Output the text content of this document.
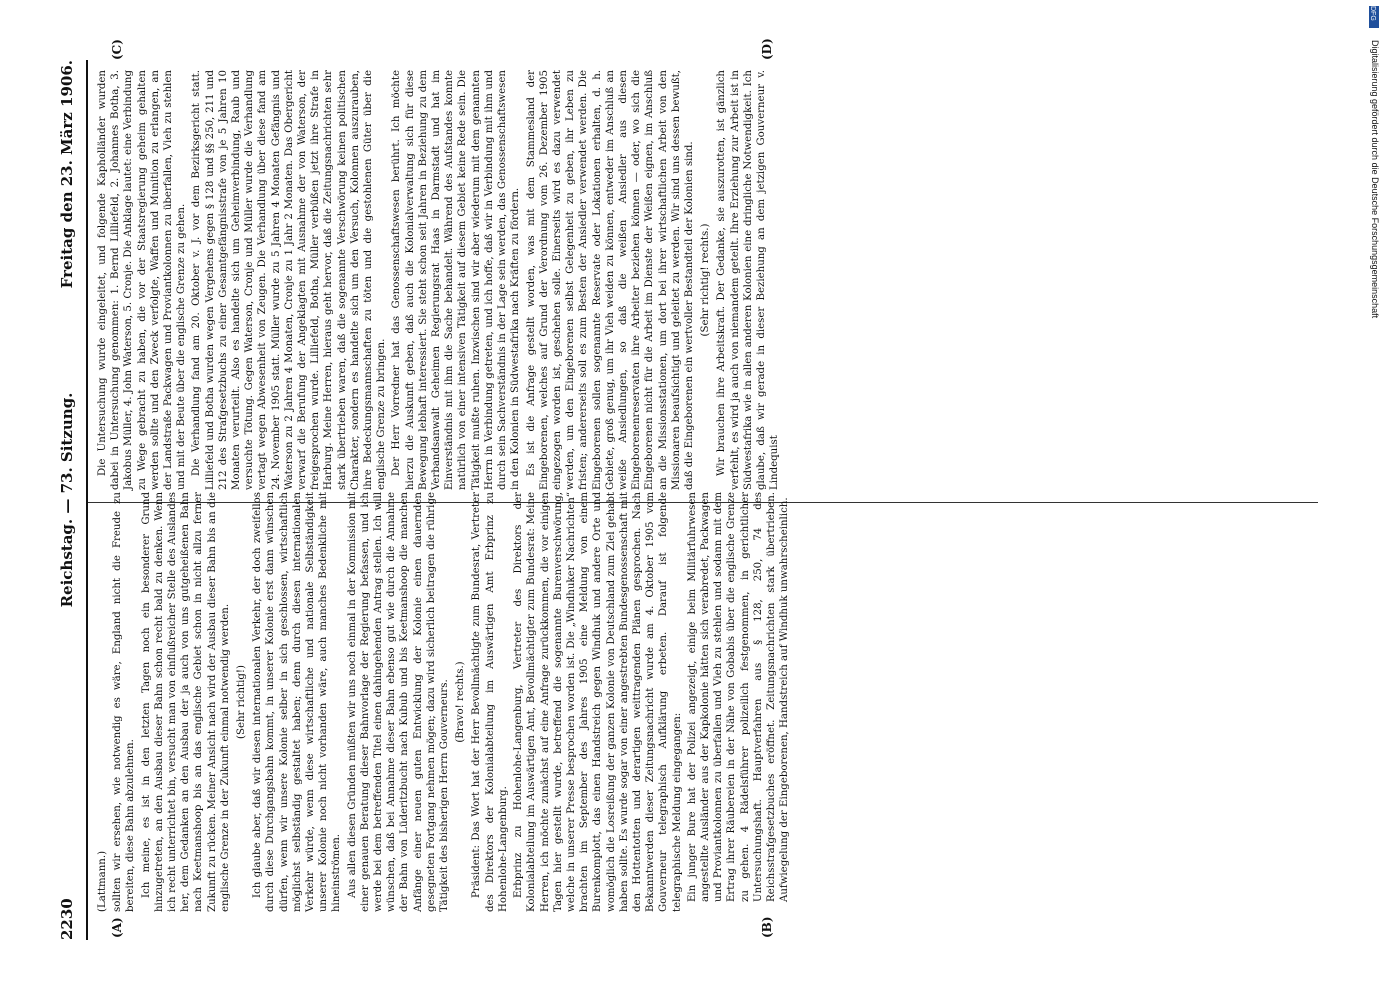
2230
Reichstag. — 73. Sitzung.
Freitag den 23. März 1906.
(A)	(B)
(C)	(D)

(Lattmann.) sollten wir ersehen, wie notwendig es wäre, England nicht die Freude zu bereiten, diese Bahn abzulehnen. Ich meine, es ist in den letzten Tagen noch ein besonderer Grund hinzugetreten, an den Ausbau dieser Bahn schon recht bald zu denken. Wenn ich recht unterrichtet bin, versucht man von einflußreicher Stelle des Auslandes her, dem Gedanken an den Ausbau der ja auch von uns gutgeheißenen Bahn nach Keetmanshoop bis an das englische Gebiet schon in nicht allzu ferner Zukunft zu rücken. Meiner Ansicht nach wird der Ausbau dieser Bahn bis an die englische Grenze in der Zukunft einmal notwendig werden. (Sehr richtig!) Ich glaube aber, daß wir diesen internationalen Verkehr, der doch zweifellos durch diese Durchgangsbahn kommt, in unserer Kolonie erst dann wünschen dürfen, wenn wir unsere Kolonie selber in sich geschlossen, wirtschaftlich möglichst selbständig gestaltet haben; denn durch diesen internationalen Verkehr würde, wenn diese wirtschaftliche und nationale Selbständigkeit unserer Kolonie noch nicht vorhanden wäre, auch manches Bedenkliche mit hineinströmen. Aus allen diesen Gründen müßten wir uns noch einmal in der Kommission mit einer genauen Beratung dieser Bahnvorlage der Regierung befassen, und ich werde bei dem betreffenden Titel einen dahingehenden Antrag stellen. Ich will wünschen, daß bei Annahme dieser Bahn ebenso gut wie durch die Annahme der Bahn von Lüderitzbucht nach Kubub und bis Keetmanshoop die manchen Anfänge einer neuen guten Entwicklung der Kolonie einen dauernden gesegneten Fortgang nehmen mögen; dazu wird sicherlich beitragen die rührige Tätigkeit des bisherigen Herrn Gouverneurs. (Bravo! rechts.) Präsident: Das Wort hat der Herr Bevollmächtigte zum Bundesrat, Vertreter des Direktors der Kolonialabteilung im Auswärtigen Amt Erbprinz zu Hohenlohe-Langenburg. Erbprinz zu Hohenlohe-Langenburg, Vertreter des Direktors der Kolonialabteilung im Auswärtigen Amt, Bevollmächtigter zum Bundesrat: Meine Herren, ich möchte zunächst auf eine Anfrage zurückkommen, die vor einigen Tagen hier gestellt wurde, betreffend die sogenannte Burenverschwörung, welche in unserer Presse besprochen worden ist. Die „Windhuker Nachrichten“ brachten im September des Jahres 1905 eine Meldung von einem Burenkomplott, das einen Handstreich gegen Windhuk und andere Orte und womöglich die Losreißung der ganzen Kolonie von Deutschland zum Ziel gehabt haben sollte. Es wurde sogar von einer angestrebten Bundesgenossenschaft mit den Hottentotten und derartigen weittragenden Plänen gesprochen. Nach Bekanntwerden dieser Zeitungsnachricht wurde am 4. Oktober 1905 vom Gouverneur telegraphisch Aufklärung erbeten. Darauf ist folgende telegraphische Meldung eingegangen: Ein junger Bure hat der Polizei angezeigt, einige beim Militärfuhrwesen angestellte Ausländer aus der Kapkolonie hätten sich verabredet, Packwagen und Proviantkolonnen zu überfallen und Vieh zu stehlen und sodann mit dem Ertrag ihrer Räubereien in der Nähe von Gobabis über die englische Grenze zu gehen. 4 Rädelsführer polizeilich festgenommen, in gerichtlicher Untersuchungshaft. Hauptverfahren aus § 128, 250, 74 des Reichsstrafgesetzbuches eröffnet. Zeitungsnachrichten stark übertrieben. Aufwiegelung der Eingeborenen, Handstreich auf Windhuk unwahrscheinlich.

Die Untersuchung wurde eingeleitet, und folgende Kapholländer wurden dabei in Untersuchung genommen: 1. Bernd Lilliefeld, 2. Johannes Botha, 3. Jakobus Müller, 4. John Waterson, 5. Cronje. Die Anklage lautet: eine Verbindung zu Wege gebracht zu haben, die vor der Staatsregierung geheim gehalten werden sollte und den Zweck verfolgte, Waffen und Munition zu erlangen, an der Landstraße Packwagen und Proviantkolonnen zu überfallen, Vieh zu stehlen und mit der Beute über die englische Grenze zu gehen. Die Verhandlung fand am 20. Oktober v. J. vor dem Bezirksgericht statt. Lilliefeld und Botha wurden wegen Vergehens gegen § 128 und §§ 250, 211 und 212 des Strafgesetzbuchs zu einer Gesamtgefängnisstrafe von je 5 Jahren 10 Monaten verurteilt. Also es handelte sich um Geheimverbindung, Raub und versuchte Tötung. Gegen Waterson, Cronje und Müller wurde die Verhandlung vertagt wegen Abwesenheit von Zeugen. Die Verhandlung über diese fand am 24. November 1905 statt. Müller wurde zu 5 Jahren 4 Monaten Gefängnis und Waterson zu 2 Jahren 4 Monaten, Cronje zu 1 Jahr 2 Monaten. Das Obergericht verwarf die Berufung der Angeklagten mit Ausnahme der von Waterson, der freigesprochen wurde. Lilliefeld, Botha, Müller verbüßen jetzt ihre Strafe in Harburg. Meine Herren, hieraus geht hervor, daß die Zeitungsnachrichten sehr stark übertrieben waren, daß die sogenannte Verschwörung keinen politischen Charakter, sondern es handelte sich um den Versuch, Kolonnen auszurauben, ihre Bedeckungsmannschaften zu töten und die gestohlenen Güter über die englische Grenze zu bringen. Der Herr Vorredner hat das Genossenschaftswesen berührt. Ich möchte hierzu die Auskunft geben, daß auch die Kolonialverwaltung sich für diese Bewegung lebhaft interessiert. Sie steht schon seit Jahren in Beziehung zu dem Verbandsanwalt Geheimen Regierungsrat Haas in Darmstadt und hat im Einverständnis mit ihm die Sache behandelt. Während des Aufstandes konnte natürlich von einer intensiven Tätigkeit auf diesem Gebiet keine Rede sein. Die Tätigkeit mußte ruhen. Inzwischen sind wir aber wiederum mit dem genannten Herrn in Verbindung getreten, und ich hoffe, daß wir in Verbindung mit ihm und durch sein Sachverständnis in der Lage sein werden, das Genossenschaftswesen in den Kolonien in Südwestafrika nach Kräften zu fördern. Es ist die Anfrage gestellt worden, was mit dem Stammesland der Eingeborenen, welches auf Grund der Verordnung vom 26. Dezember 1905 eingezogen worden ist, geschehen solle. Einerseits wird es dazu verwendet werden, um den Eingeborenen selbst Gelegenheit zu geben, ihr Leben zu fristen; andererseits soll es zum Besten der Ansiedler verwendet werden. Die Eingeborenen sollen sogenannte Reservate oder Lokationen erhalten, d. h. Gebiete, groß genug, um ihr Vieh weiden zu können, entweder im Anschluß an weiße Ansiedlungen, so daß die weißen Ansiedler aus diesen Eingeborenenreservaten ihre Arbeiter beziehen können — oder, wo sich die Eingeborenen nicht für die Arbeit im Dienste der Weißen eignen, im Anschluß an die Missionsstationen, um dort bei ihrer wirtschaftlichen Arbeit von den Missionaren beaufsichtigt und geleitet zu werden. Wir sind uns dessen bewußt, daß die Eingeborenen ein wertvoller Bestandteil der Kolonien sind. (Sehr richtig! rechts.) Wir brauchen ihre Arbeitskraft. Der Gedanke, sie auszurotten, ist gänzlich verfehlt, es wird ja auch von niemandem geteilt. Ihre Erziehung zur Arbeit ist in Südwestafrika wie in allen anderen Kolonien eine dringliche Notwendigkeit. Ich glaube, daß wir gerade in dieser Beziehung an dem jetzigen Gouverneur v. Lindequist

Digitalisierung gefördert durch die Deutsche Forschungsgemeinschaft
DFG
